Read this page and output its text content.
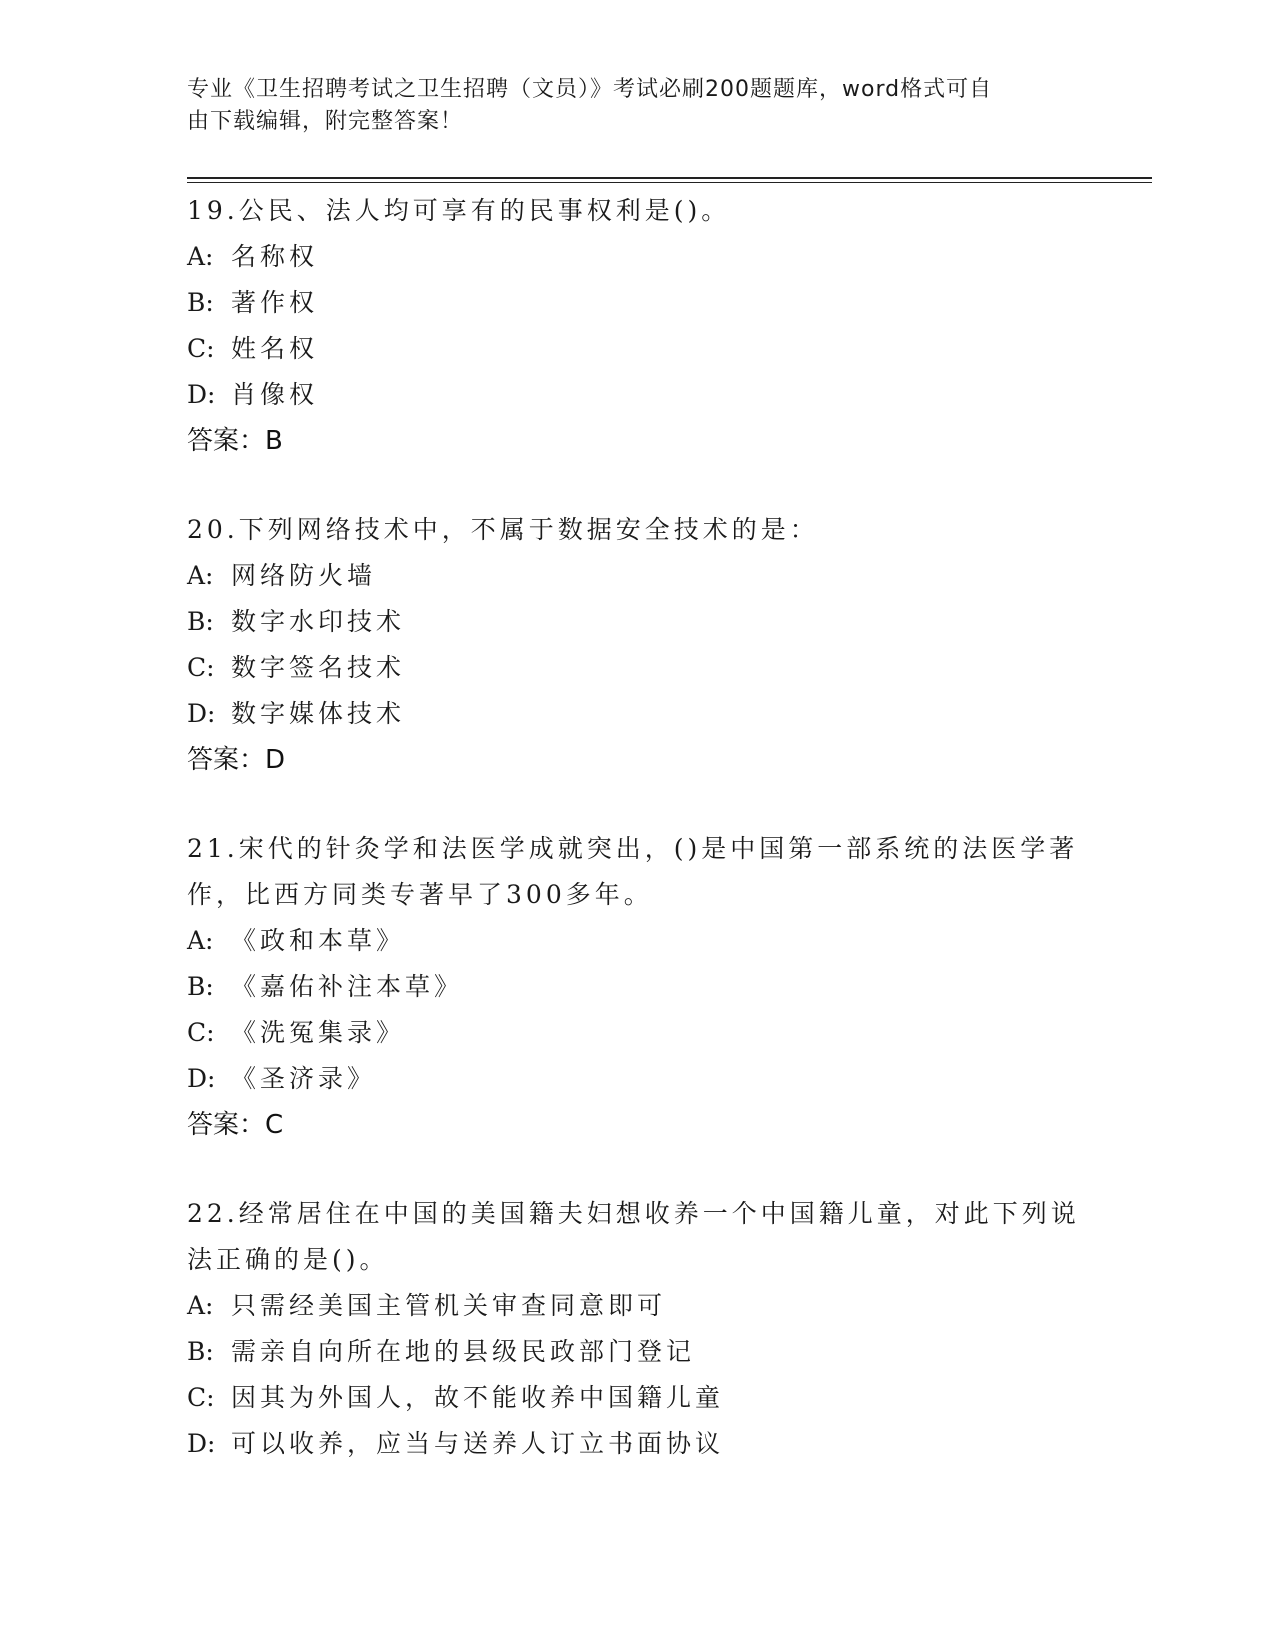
专业《卫生招聘考试之卫生招聘（文员）》考试必刷200题题库，word格式可自
由下载编辑，附完整答案！

19.公民、法人均可享有的民事权利是()。

A: 名称权

B: 著作权

C: 姓名权

D: 肖像权

答案：B

20.下列网络技术中，不属于数据安全技术的是：

A: 网络防火墙

B: 数字水印技术

C: 数字签名技术

D: 数字媒体技术

答案：D

21.宋代的针灸学和法医学成就突出，()是中国第一部系统的法医学著作，比西方同类专著早了300多年。

A: 《政和本草》

B: 《嘉佑补注本草》

C: 《洗冤集录》

D: 《圣济录》

答案：C

22.经常居住在中国的美国籍夫妇想收养一个中国籍儿童，对此下列说法正确的是()。

A: 只需经美国主管机关审查同意即可

B: 需亲自向所在地的县级民政部门登记

C: 因其为外国人，故不能收养中国籍儿童

D: 可以收养，应当与送养人订立书面协议
